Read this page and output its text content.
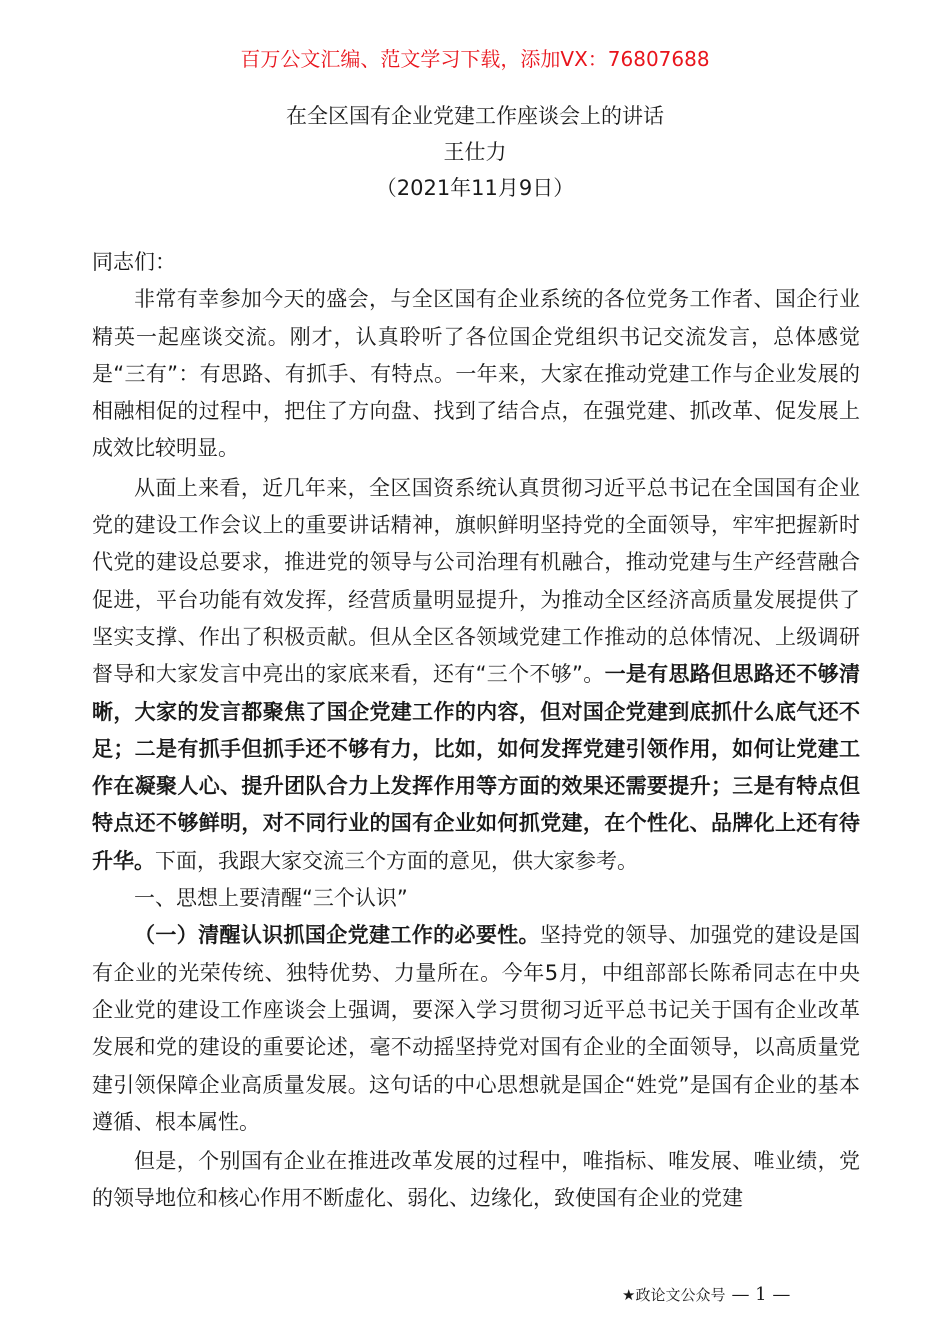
百万公文汇编、范文学习下载，添加VX：76807688
在全区国有企业党建工作座谈会上的讲话
王仕力
（2021年11月9日）

同志们：

非常有幸参加今天的盛会，与全区国有企业系统的各位党务工作者、国企行业精英一起座谈交流。刚才，认真聆听了各位国企党组织书记交流发言，总体感觉是“三有”：有思路、有抓手、有特点。一年来，大家在推动党建工作与企业发展的相融相促的过程中，把住了方向盘、找到了结合点，在强党建、抓改革、促发展上成效比较明显。

从面上来看，近几年来，全区国资系统认真贯彻习近平总书记在全国国有企业党的建设工作会议上的重要讲话精神，旗帜鲜明坚持党的全面领导，牢牢把握新时代党的建设总要求，推进党的领导与公司治理有机融合，推动党建与生产经营融合促进，平台功能有效发挥，经营质量明显提升，为推动全区经济高质量发展提供了坚实支撑、作出了积极贡献。但从全区各领域党建工作推动的总体情况、上级调研督导和大家发言中亮出的家底来看，还有“三个不够”。一是有思路但思路还不够清晰，大家的发言都聚焦了国企党建工作的内容，但对国企党建到底抓什么底气还不足；二是有抓手但抓手还不够有力，比如，如何发挥党建引领作用，如何让党建工作在凝聚人心、提升团队合力上发挥作用等方面的效果还需要提升；三是有特点但特点还不够鲜明，对不同行业的国有企业如何抓党建，在个性化、品牌化上还有待升华。下面，我跟大家交流三个方面的意见，供大家参考。

一、思想上要清醒“三个认识”

（一）清醒认识抓国企党建工作的必要性。坚持党的领导、加强党的建设是国有企业的光荣传统、独特优势、力量所在。今年5月，中组部部长陈希同志在中央企业党的建设工作座谈会上强调，要深入学习贯彻习近平总书记关于国有企业改革发展和党的建设的重要论述，毫不动摇坚持党对国有企业的全面领导，以高质量党建引领保障企业高质量发展。这句话的中心思想就是国企“姓党”是国有企业的基本遵循、根本属性。

但是，个别国有企业在推进改革发展的过程中，唯指标、唯发展、唯业绩，党的领导地位和核心作用不断虚化、弱化、边缘化，致使国有企业的党建

★政论文公众号 — 1 —
